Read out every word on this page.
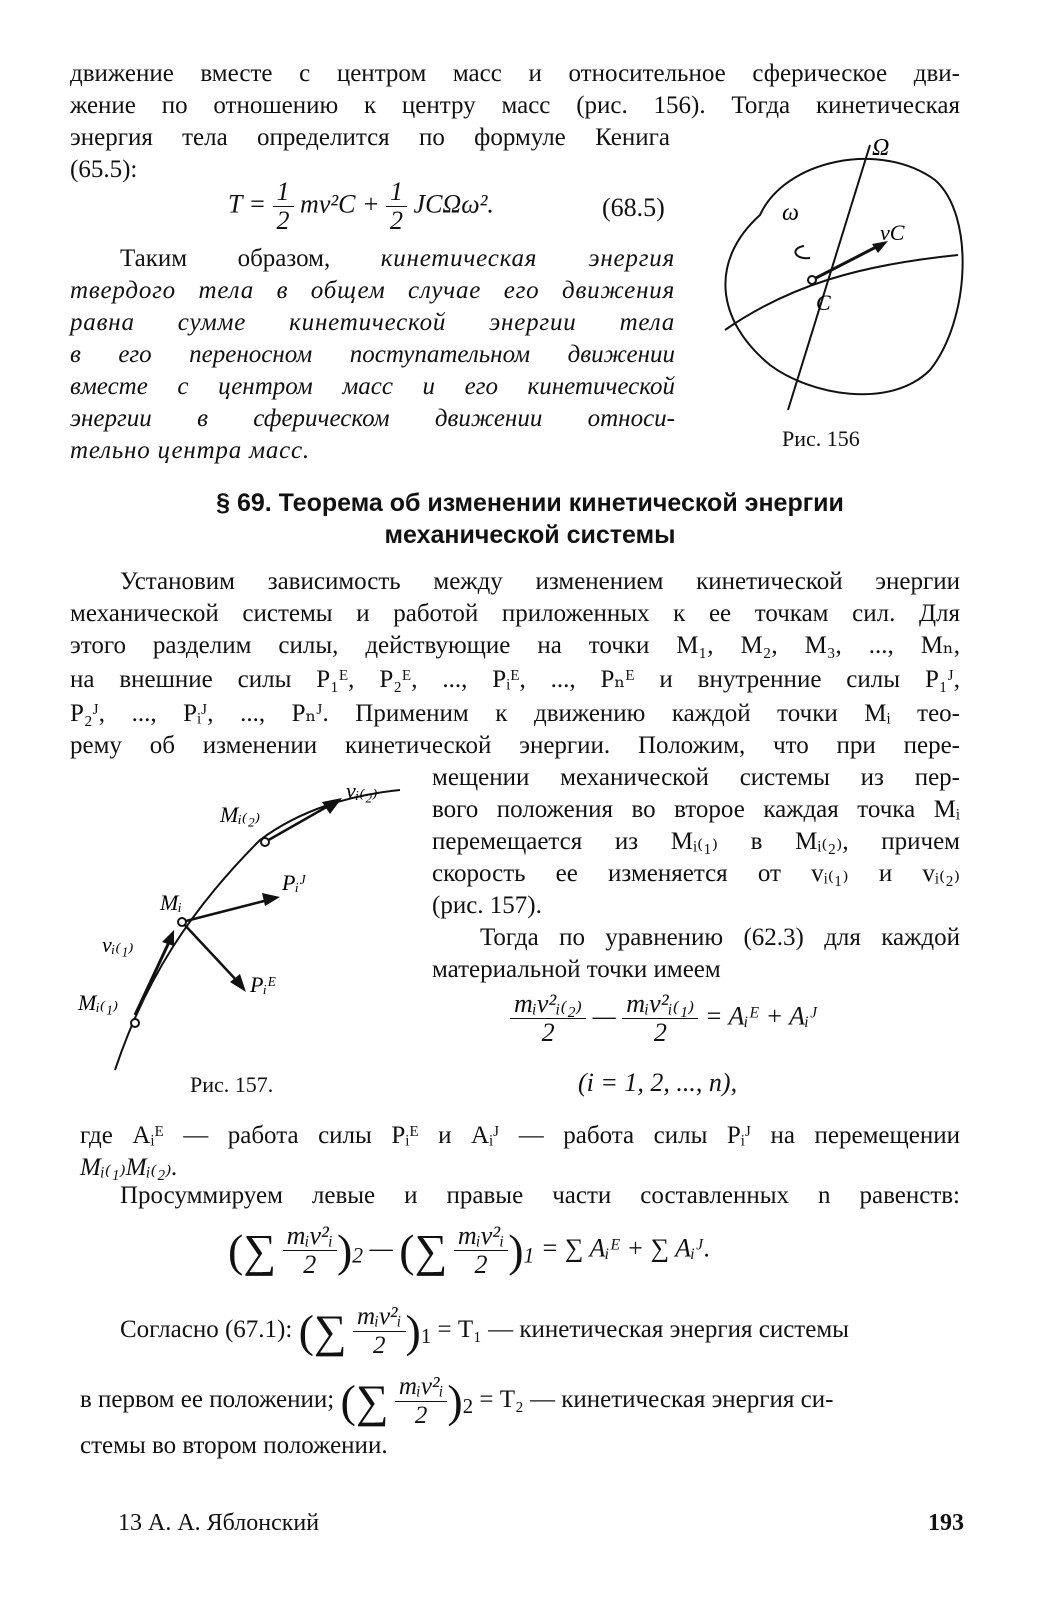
движение вместе с центром масс и относительное сферическое дви-
жение по отношению к центру масс (рис. 156). Тогда кинетическая
энергия тела определится по формуле Кенига
(65.5):
$T = \frac{1}{2} mv^2C + \frac{1}{2} JC\Omega\omega^2$.	(68.5)
Таким образом, кинетическая энергия
твердого тела в общем случае его движения
равна сумме кинетической энергии тела
в его переносном поступательном движении
вместе с центром масс и его кинетической
энергии в сферическом движении относи-
тельно центра масс.
Ω
ω
vC
C
Рис. 156
§ 69. Теорема об изменении кинетической энергии
механической системы
Установим зависимость между изменением кинетической энергии
механической системы и работой приложенных к ее точкам сил. Для
этого разделим силы, действующие на точки M₁, M₂, M₃, ..., Mₙ,
на внешние силы P₁ᴱ, P₂ᴱ, ..., Pᵢᴱ, ..., Pₙᴱ и внутренние силы P₁ᴶ,
P₂ᴶ, ..., Pᵢᴶ, ..., Pₙᴶ. Применим к движению каждой точки Mᵢ тео-
рему об изменении кинетической энергии. Положим, что при пере-
мещении механической системы из пер-
вого положения во второе каждая точка Mᵢ
перемещается из Mᵢ₍₁₎ в Mᵢ₍₂₎, причем
скорость ее изменяется от vᵢ₍₁₎ и vᵢ₍₂₎
(рис. 157).
Тогда по уравнению (62.3) для каждой
материальной точки имеем
vᵢ₍₂₎
Mᵢ₍₂₎
Mᵢ
Pᵢᴶ
vᵢ₍₁₎
Pᵢᴱ
Mᵢ₍₁₎
Рис. 157.
$\frac{\text{mᵢv²ᵢ₍₂₎}}{2}$ — $\frac{\text{mᵢv²ᵢ₍₁₎}}{2}$ = Aᵢᴱ + Aᵢᴶ
(i = 1, 2, ..., n),
где Aᵢᴱ — работа силы Pᵢᴱ и Aᵢᴶ — работа силы Pᵢᴶ на перемещении
Mᵢ₍₁₎Mᵢ₍₂₎.
Просуммируем левые и правые части составленных n равенств:
(∑ $\frac{\text{mᵢv²ᵢ}}{2} )_2$ — (∑ $\frac{\text{mᵢv²ᵢ}}{2} )_1$ = ∑ Aᵢᴱ + ∑ Aᵢᴶ.
Согласно (67.1): (∑ $\frac{\text{mᵢv²ᵢ}}{2} )_1 = T_1$ — кинетическая энергия системы
в первом ее положении; (∑ $\frac{\text{mᵢv²ᵢ}}{2} )_2 = T_2$ — кинетическая энергия си-
стемы во втором положении.
13 А. А. Яблонский	193
